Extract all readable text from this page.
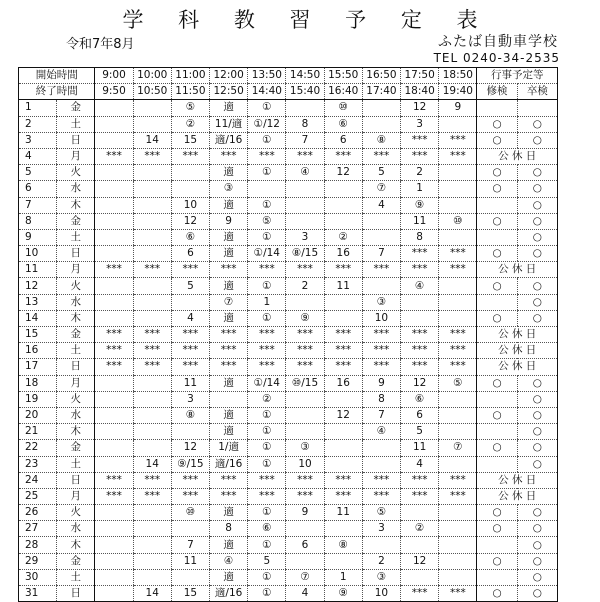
学 科 教 習 予 定 表
令和7年8月	ふたば自動車学校
TEL 0240-34-2535
開始時間		9:00	10:00	11:00	12:00	13:50	14:50	15:50	16:50	17:50	18:50	行事予定等	
終了時間		9:50	10:50	11:50	12:50	14:40	15:40	16:40	17:40	18:40	19:40	修検	卒検
1	金			⑤	適	①		⑩		12	9		
2	土			②	11/適	①/12	8	⑥		3		○	○
3	日		14	15	適/16	①	7	6	⑧	***	***	○	○
4	月	***	***	***	***	***	***	***	***	***	***	公 休 日	
5	火				適	①	④	12	5	2		○	○
6	水				③				⑦	1		○	○
7	木			10	適	①			4	⑨			○
8	金			12	9	⑤				11	⑩	○	○
9	土			⑥	適	①	3	②		8			○
10	日			6	適	①/14	⑧/15	16	7	***	***	○	○
11	月	***	***	***	***	***	***	***	***	***	***	公 休 日	
12	火			5	適	①	2	11		④		○	○
13	水				⑦	1			③				○
14	木			4	適	①	⑨		10			○	○
15	金	***	***	***	***	***	***	***	***	***	***	公 休 日	
16	土	***	***	***	***	***	***	***	***	***	***	公 休 日	
17	日	***	***	***	***	***	***	***	***	***	***	公 休 日	
18	月			11	適	①/14	⑩/15	16	9	12	⑤	○	○
19	火			3		②			8	⑥			○
20	水			⑧	適	①		12	7	6		○	○
21	木				適	①			④	5			○
22	金			12	1/適	①	③			11	⑦	○	○
23	土		14	⑨/15	適/16	①	10			4			○
24	日	***	***	***	***	***	***	***	***	***	***	公 休 日	
25	月	***	***	***	***	***	***	***	***	***	***	公 休 日	
26	火			⑩	適	①	9	11	⑤			○	○
27	水				8	⑥			3	②		○	○
28	木			7	適	①	6	⑧					○
29	金			11	④	5			2	12		○	○
30	土				適	①	⑦	1	③				○
31	日		14	15	適/16	①	4	⑨	10	***	***	○	○
